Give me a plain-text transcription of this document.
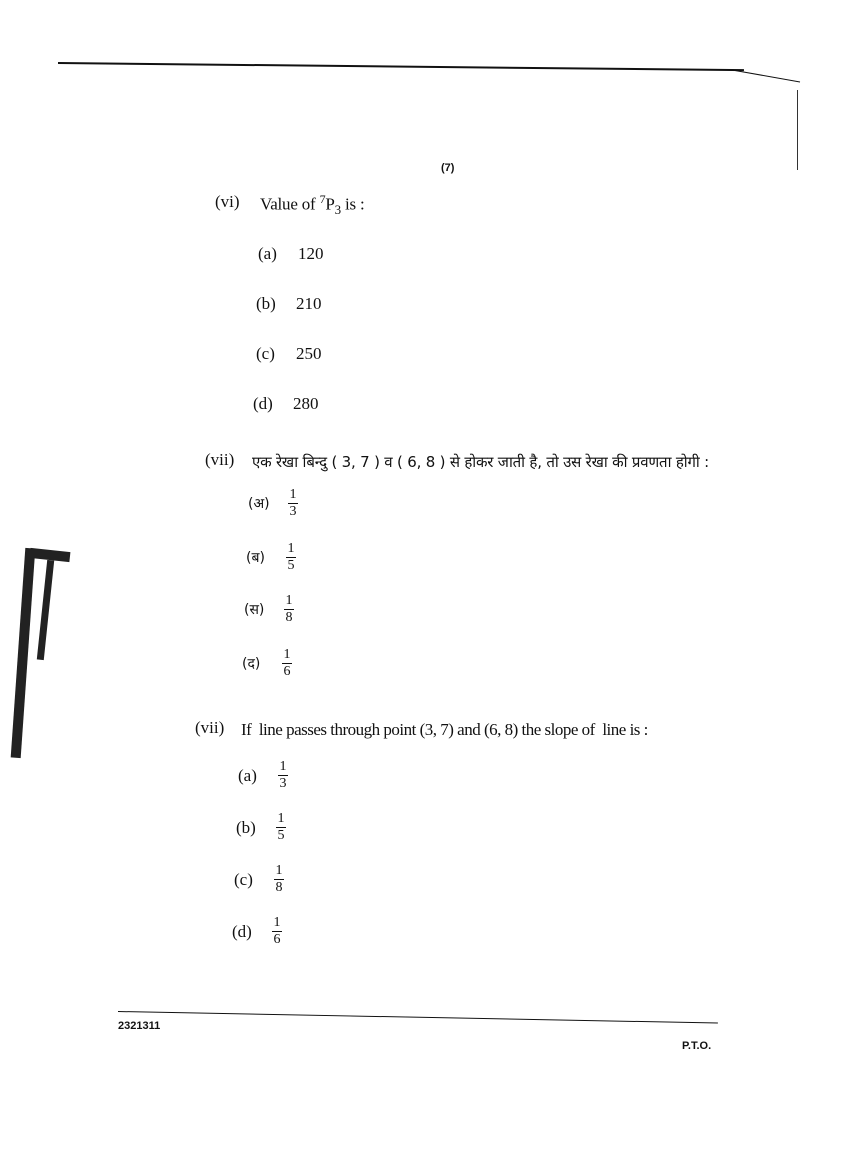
(7)
(vi) Value of $^7P_3$ is :
(a)	120
(b)	210
(c)	250
(d)	280
(vii) एक रेखा बिन्दु ( 3, 7 ) व ( 6, 8 ) से होकर जाती है, तो उस रेखा की प्रवणता होगी :
(अ)	$\frac{1}{3}$
(ब)	$\frac{1}{5}$
(स)	$\frac{1}{8}$
(द)	$\frac{1}{6}$
(vii) If  line passes through point (3, 7) and (6, 8) the slope of  line is :
(a)	$\frac{1}{3}$
(b)	$\frac{1}{5}$
(c)	$\frac{1}{8}$
(d)	$\frac{1}{6}$
2321311
P.T.O.
